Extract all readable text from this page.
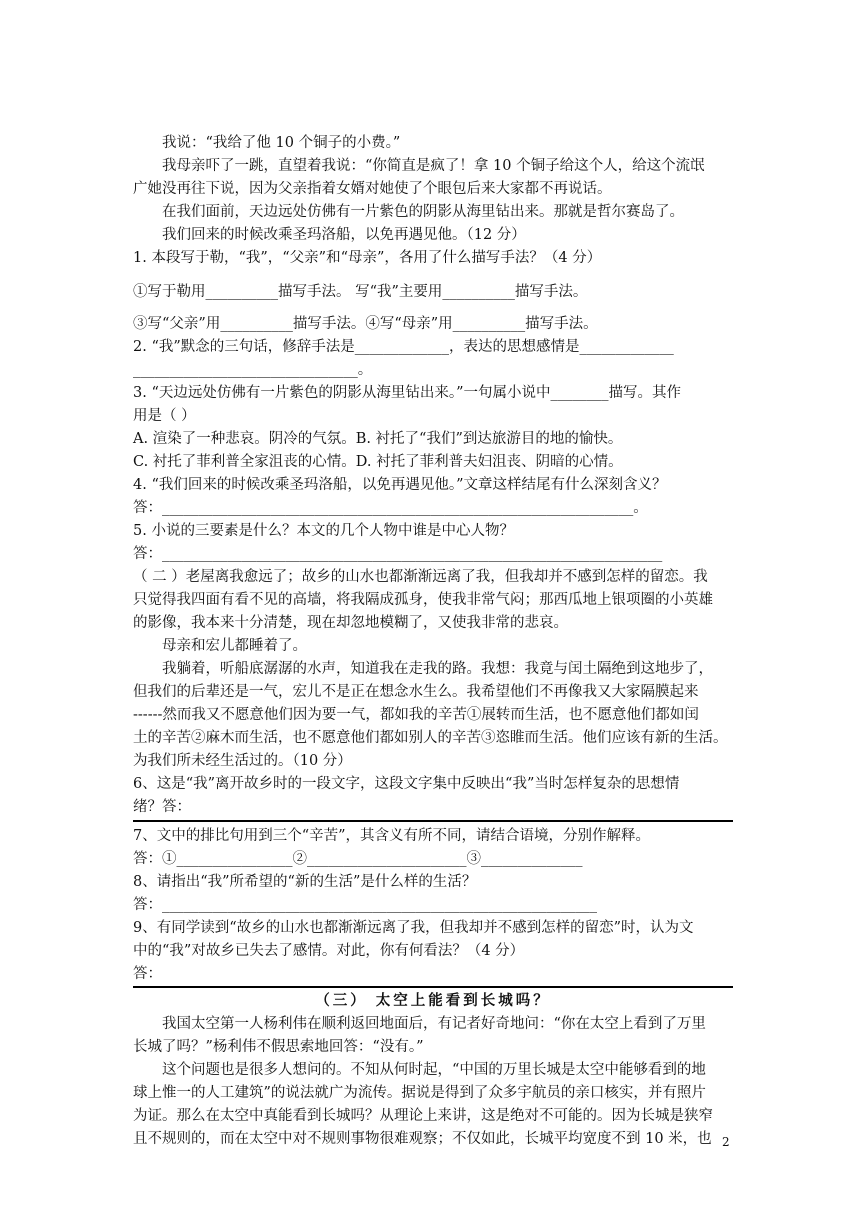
我说：“我给了他 10 个铜子的小费。”
我母亲吓了一跳，直望着我说：“你简直是疯了！拿 10 个铜子给这个人，给这个流氓
广她没再往下说，因为父亲指着女婿对她使了个眼包后来大家都不再说话。
在我们面前，天边远处仿佛有一片紫色的阴影从海里钻出来。那就是哲尔赛岛了。
我们回来的时候改乘圣玛洛船，以免再遇见他。（12 分）
1. 本段写于勒，“我”，“父亲”和“母亲”，各用了什么描写手法？（4 分）
①写于勒用__________描写手法。 写“我”主要用__________描写手法。
③写“父亲”用__________描写手法。④写“母亲”用__________描写手法。
2. “我”默念的三句话，修辞手法是_____________，表达的思想感情是_____________
_______________________________。
3. “天边远处仿佛有一片紫色的阴影从海里钻出来。”一句属小说中________描写。其作
用是（ ）
A. 渲染了一种悲哀。阴冷的气氛。B. 衬托了“我们”到达旅游目的地的愉快。
C. 衬托了菲利普全家沮丧的心情。D. 衬托了菲利普夫妇沮丧、阴暗的心情。
4. “我们回来的时候改乘圣玛洛船，以免再遇见他。”文章这样结尾有什么深刻含义？
答：_________________________________________________________________。
5. 小说的三要素是什么？本文的几个人物中谁是中心人物？
答：_____________________________________________________________________
（ 二 ）老屋离我愈远了；故乡的山水也都渐渐远离了我，但我却并不感到怎样的留恋。我
只觉得我四面有看不见的高墙，将我隔成孤身，使我非常气闷；那西瓜地上银项圈的小英雄
的影像，我本来十分清楚，现在却忽地模糊了，又使我非常的悲哀。
母亲和宏儿都睡着了。
我躺着，听船底潺潺的水声，知道我在走我的路。我想：我竟与闰土隔绝到这地步了，
但我们的后辈还是一气，宏儿不是正在想念水生么。我希望他们不再像我又大家隔膜起来
------然而我又不愿意他们因为要一气，都如我的辛苦①展转而生活，也不愿意他们都如闰
土的辛苦②麻木而生活，也不愿意他们都如别人的辛苦③恣睢而生活。他们应该有新的生活。
为我们所未经生活过的。（10 分）
6、这是“我”离开故乡时的一段文字，这段文字集中反映出“我”当时怎样复杂的思想情
绪？答：
7、文中的排比句用到三个“辛苦”，其含义有所不同，请结合语境，分别作解释。
答：①________________②______________________③______________
8、请指出“我”所希望的“新的生活”是什么样的生活？
答：____________________________________________________________
9、有同学读到“故乡的山水也都渐渐远离了我，但我却并不感到怎样的留恋”时，认为文
中的“我”对故乡已失去了感情。对此，你有何看法？（4 分）
答：
（三） 太空上能看到长城吗？
我国太空第一人杨利伟在顺利返回地面后，有记者好奇地问：“你在太空上看到了万里
长城了吗？”杨利伟不假思索地回答：“没有。”
这个问题也是很多人想问的。不知从何时起，“中国的万里长城是太空中能够看到的地
球上惟一的人工建筑”的说法就广为流传。据说是得到了众多宇航员的亲口核实，并有照片
为证。那么在太空中真能看到长城吗？从理论上来讲，这是绝对不可能的。因为长城是狭窄
且不规则的，而在太空中对不规则事物很难观察；不仅如此，长城平均宽度不到 10 米，也 2
